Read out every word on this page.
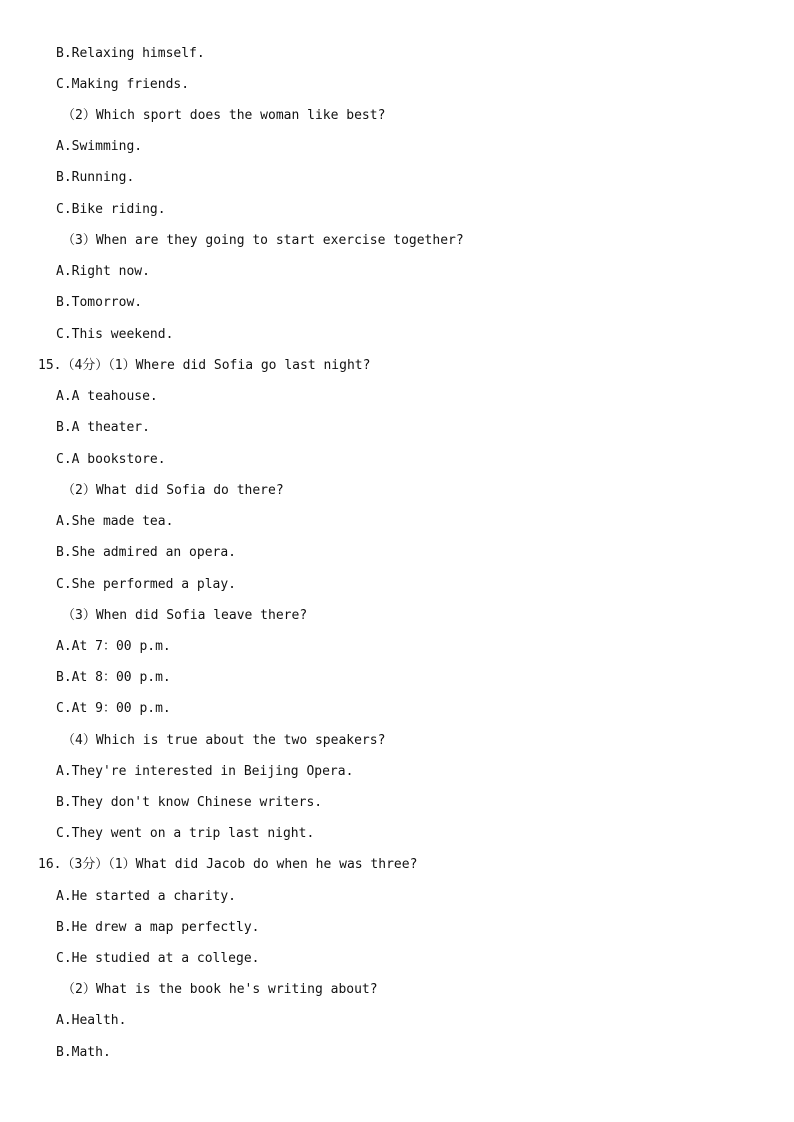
B.Relaxing himself.
C.Making friends.
（2）Which sport does the woman like best?
A.Swimming.
B.Running.
C.Bike riding.
（3）When are they going to start exercise together?
A.Right now.
B.Tomorrow.
C.This weekend.
15.（4分）（1）Where did Sofia go last night?
A.A teahouse.
B.A theater.
C.A bookstore.
（2）What did Sofia do there?
A.She made tea.
B.She admired an opera.
C.She performed a play.
（3）When did Sofia leave there?
A.At 7：00 p.m.
B.At 8：00 p.m.
C.At 9：00 p.m.
（4）Which is true about the two speakers?
A.They're interested in Beijing Opera.
B.They don't know Chinese writers.
C.They went on a trip last night.
16.（3分）（1）What did Jacob do when he was three?
A.He started a charity.
B.He drew a map perfectly.
C.He studied at a college.
（2）What is the book he's writing about?
A.Health.
B.Math.
